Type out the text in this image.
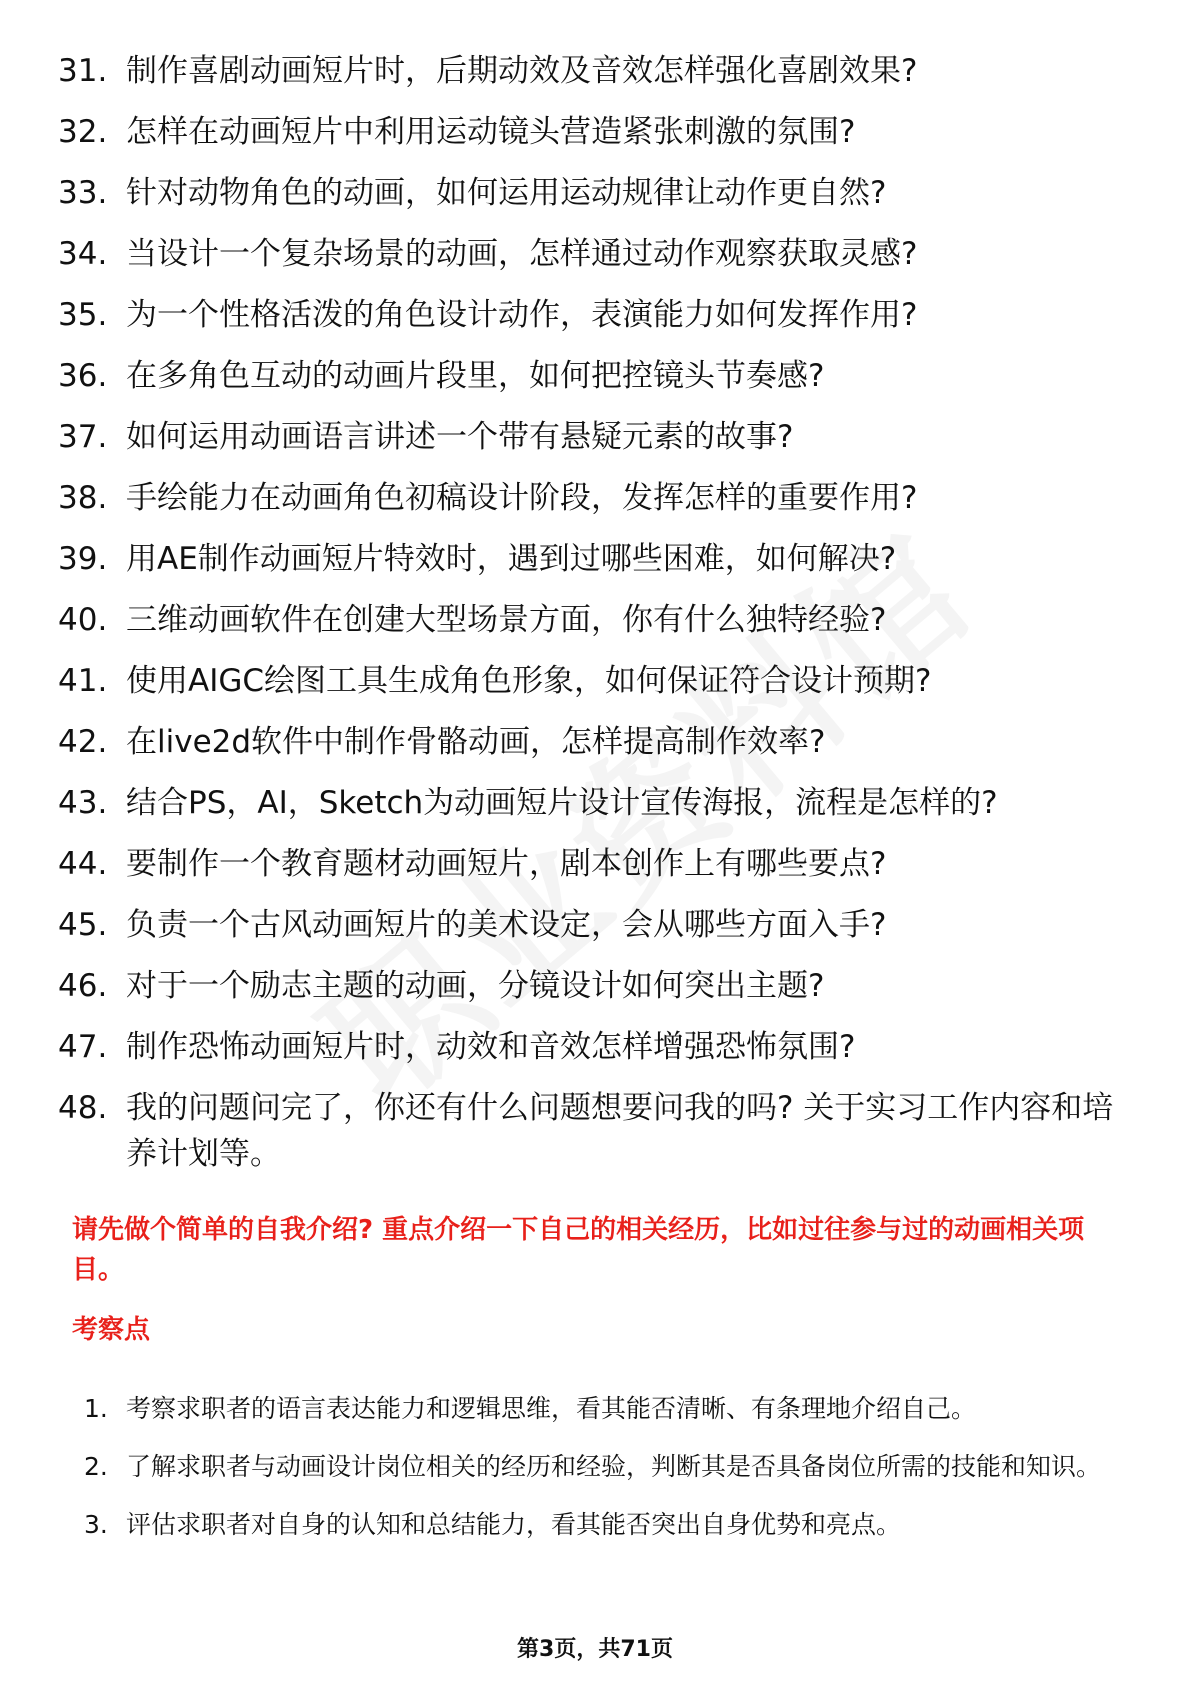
31. 制作喜剧动画短片时，后期动效及音效怎样强化喜剧效果?
32. 怎样在动画短片中利用运动镜头营造紧张刺激的氛围?
33. 针对动物角色的动画，如何运用运动规律让动作更自然?
34. 当设计一个复杂场景的动画，怎样通过动作观察获取灵感?
35. 为一个性格活泼的角色设计动作，表演能力如何发挥作用?
36. 在多角色互动的动画片段里，如何把控镜头节奏感?
37. 如何运用动画语言讲述一个带有悬疑元素的故事?
38. 手绘能力在动画角色初稿设计阶段，发挥怎样的重要作用?
39. 用AE制作动画短片特效时，遇到过哪些困难，如何解决?
40. 三维动画软件在创建大型场景方面，你有什么独特经验?
41. 使用AIGC绘图工具生成角色形象，如何保证符合设计预期?
42. 在live2d软件中制作骨骼动画，怎样提高制作效率?
43. 结合PS，AI，Sketch为动画短片设计宣传海报，流程是怎样的?
44. 要制作一个教育题材动画短片，剧本创作上有哪些要点?
45. 负责一个古风动画短片的美术设定，会从哪些方面入手?
46. 对于一个励志主题的动画，分镜设计如何突出主题?
47. 制作恐怖动画短片时，动效和音效怎样增强恐怖氛围?
48. 我的问题问完了，你还有什么问题想要问我的吗? 关于实习工作内容和培养计划等。
请先做个简单的自我介绍? 重点介绍一下自己的相关经历，比如过往参与过的动画相关项目。
考察点
1. 考察求职者的语言表达能力和逻辑思维，看其能否清晰、有条理地介绍自己。
2. 了解求职者与动画设计岗位相关的经历和经验，判断其是否具备岗位所需的技能和知识。
3. 评估求职者对自身的认知和总结能力，看其能否突出自身优势和亮点。
第3页，共71页
